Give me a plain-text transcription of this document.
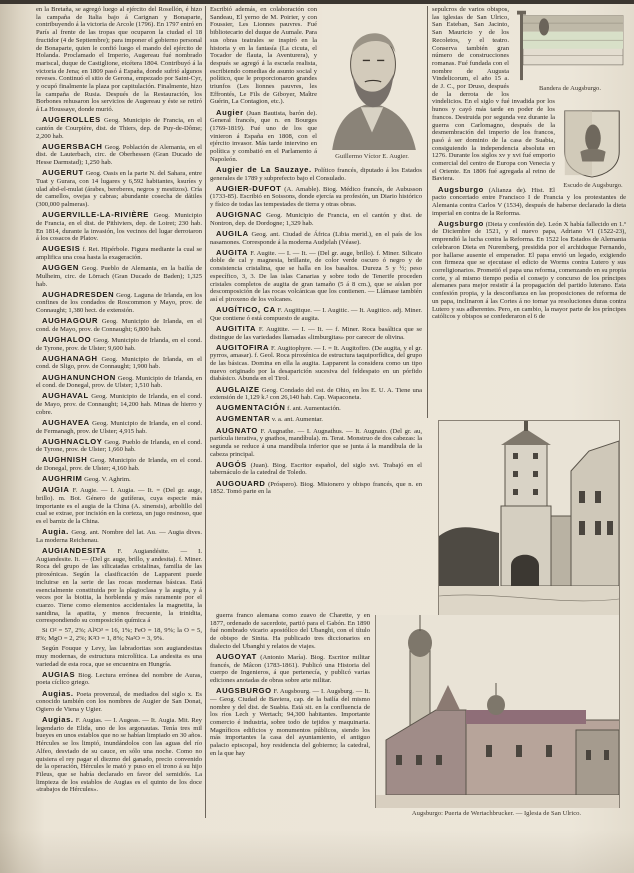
en la Bretaña, se agregó luego al ejército del Rosellón, é hizo la campaña de Italia bajo á Carignan y Bonaparte, contribuyendo á la victoria de Arcole (1796). En 1797 entró en París al frente de las tropas que ocuparon la ciudad el 18 fructidor (4 de Septiembre); para imponer el gobierno personal de Bonaparte, quien le confió luego el mando del ejército de Holanda. Proclamado el Imperio, Augereau fué nombrado mariscal, duque de Castiglione, etcétera 1804. Contribuyó á la victoria de Jena; en 1809 pasó á España, donde sufrió algunos reveses. Continuó el sitio de Gerona, empezado por Saint-Cyr, y ocupó finalmente la plaza por capitulación. Finalmente, hizo la campaña de Rusia. Después de la Restauración, los Borbones rehusaron los servicios de Augereau y éste se retiró á La Houssaye, donde murió.

AUGEROLLES Geog. Municipio de Francia, en el cantón de Courpière, dist. de Thiers, dep. de Puy-de-Dôme; 2,200 hab.

AUGERSBACH Geog. Población de Alemania, en el dist. de Lauterbach, circ. de Oberhessen (Gran Ducado de Hesse Darmstad); 1,250 hab.

AUGERUT Geog. Oasis en la parte N. del Sahara, entre Tuat y Gurara, con 14 lugares y 6,592 habitantes, ksuríes y ulad abd-el-mulat (árabes, bereberes, negros y mestizos). Cría de camellos, ovejas y cabras; abundante cosecha de dátiles (300,000 palmeras).

AUGERVILLE-LA-RIVIÈRE Geog. Municipio de Francia, en el dist. de Pithiviers, dep. de Loiret; 230 hab. En 1814, durante la invasión, los vecinos del lugar derrotaron á los cosacos de Platov.

AUGESIS f. Ret. Hipérbole. Figura mediante la cual se amplifica una cosa hasta la exageración.

AUGGEN Geog. Pueblo de Alemania, en la bailía de Mulheim, circ. de Lörrach (Gran Ducado de Baden); 1,325 hab.

AUGHADRESDEN Geog. Laguna de Irlanda, en los confines de los condados de Roscommon y Mayo, prov. de Connaught; 1,380 hect. de extensión.

AUGHAGOUR Geog. Municipio de Irlanda, en el cond. de Mayo, prov. de Connaught; 6,800 hab.

AUGHALOO Geog. Municipio de Irlanda, en el cond. de Tyrone, prov. de Ulster; 9,600 hab.

AUGHANAGH Geog. Municipio de Irlanda, en el cond. de Sligo, prov. de Connaught; 1,900 hab.

AUGHANUNCHON Geog. Municipio de Irlanda, en el cond. de Donegal, prov. de Ulster; 1,510 hab.

AUGHAVAL Geog. Municipio de Irlanda, en el cond. de Mayo, prov. de Connaught; 14,200 hab. Minas de hierro y cobre.

AUGHAVEA Geog. Municipio de Irlanda, en el cond. de Fermanagh, prov. de Ulster; 4,915 hab.

AUGHNACLOY Geog. Pueblo de Irlanda, en el cond. de Tyrone, prov. de Ulster; 1,660 hab.

AUGHNISH Geog. Municipio de Irlanda, en el cond. de Donegal, prov. de Ulster; 4,160 hab.

AUGHRIM Geog. V. Aghrim.

AUGIA F. Augie. — I. Augia. — It. = (Del gr. auge, brillo). m. Bot. Género de gutíferas, cuya especie más importante es el augia de la China (A. sinensis), arbolillo del cual se extrae, por incisión en la corteza, un jugo resinoso, que es el barniz de la China.

Augia. Geog. ant. Nombre del lat. Au. — Augia dives. La moderna Reichenau.

AUGIANDESITA F. Augiandésite. — I. Augiandesite. It. — (Del gr. auge, brillo, y andesita). f. Miner. Roca del grupo de las silicatadas cristalinas, familia de las piroxénicas. Según la clasificación de Lapparent puede incluirse en la serie de las rocas modernas básicas. Está esencialmente constituida por la plagioclasa y la augita, y á veces por la biotita, la horblenda y más raramente por el cuarzo. Tiene como elementos accidentales la magnetita, la sanidina, la apatita, y menos frecuente, la trinidita, correspondiendo su composición química á

Si O² = 57, 2%; Al²O³ = 16, 1%; FeO = 18, 9%; la O = 5, 8%; MgO = 2, 2%; K²O = 1, 8%; Na²O = 3, 9%.

Según Fouque y Levy, las labradoritas son augiandesitas muy modernas, de estructura microlítica. La andesita es una variedad de esta roca, que se encuentra en Hungría.

AUGIAS Biog. Lectura errónea del nombre de Auras, poeta cíclico griego.

Augias. Poeta provenzal, de mediados del siglo x. Es conocido también con los nombres de Augier de San Donat, Ogiero de Viena y Ugier.

Augias. F. Augias. — I. Augeas. — It. Augia. Mit. Rey legendario de Elida, uno de los argonautas. Tenía tres mil bueyes en unos establos que no se habían limpiado en 30 años. Hércules se los limpió, inundándolos con las aguas del río Alfeo, desviado de su cauce, en sólo una noche. Como no quisiera el rey pagar el diezmo del ganado, precio convenido de la operación, Hércules le mató y puso en el trono á su hijo Fileus, que se había declarado en favor del semidiós. La limpieza de los establos de Augias es el quinto de los doce «trabajos de Hércules».

Guillermo Víctor E. Augier.

Escribió además, en colaboración con Sandeau, El yerno de M. Poirier, y con Foussier, Les Lionnes pauvres. Fué bibliotecario del duque de Aumale. Para sus obras teatrales se inspiró en la historia y en la fantasía (La cicuta, el Tocador de flauta, la Aventurera), y después se agregó á la escuela realista, escribiendo comedias de asunto social y político, que le proporcionaron grandes triunfos (Les lionnes pauvres, les Effrontés, Le Fils de Giboyer, Maître Guérin, La Contagion, etc.).

Augier (Juan Bautista, barón de). General francés, que n. en Bourges (1769-1819). Fué uno de los que vinieron á España en 1808, con el ejército invasor. Más tarde intervino en política y combatió en el Parlamento á Napoleón.

Augier de La Sauzaye. Político francés, diputado á los Estados generales de 1789 y subprefecto bajo el Consulado.

AUGIER-DUFOT (A. Amable). Biog. Médico francés, de Aubusson (1733-85). Escribió en Soissons, donde ejercía su profesión, un Diario histórico y físico de todas las tempestades de tierra y otras obras.

AUGIGNAC Geog. Municipio de Francia, en el cantón y dist. de Nontron, dep. de Dordogne; 1,329 hab.

AUGILA Geog. ant. Ciudad de África (Libia merid.), en el país de los nasamones. Corresponde á la moderna Audjelah (Véase).

AUGITA F. Augite. — I. — It. — (Del gr. auge, brillo). f. Miner. Silicato doble de cal y magnesia, brillante, de color verde oscuro ó negro y de consistencia cristalina, que se halla en los basaltos. Dureza 5 y ½; peso específico, 3, 3. De las islas Canarias y sobre todo de Tenerife proceden cristales completos de augita de gran tamaño (5 á 8 cm.), que se aíslan por descomposición de las rocas volcánicas que los contienen. — Llámase también así el piroxeno de los volcanes.

AUGÍTICO, CA F. Augitique. — I. Augitic. — It. Augitico. adj. Miner. Que contiene ó está compuesto de augita.

AUGITITA F. Augitite. — I. — It. — f. Miner. Roca basáltica que se distingue de las variedades llamadas «limburgitas» por carecer de olivina.

AUGITOFIRA F. Augitophyre. — I. = It. Augitofiro. (De augita, y el gr. pyrros, amasar). f. Geol. Roca piroxénica de estructura taquiporfídica, del grupo de las básicas. Domina en ella la augita. Lapparent la considera como un tipo nuevo originado por la desaparición sucesiva del feldespato en un pórfido diabásico. Abunda en el Tirol.

AUGLAIZE Geog. Condado del est. de Ohio, en los E. U. A. Tiene una extensión de 1,129 k.² con 26,140 hab. Cap. Wapaconeta.

AUGMENTACIÓN f. ant. Aumentación.

AUGMENTAR v. a. ant. Aumentar.

AUGNATO F. Augnathe. — I. Augnathus. — It. Augnato. (Del gr. au, partícula iterativa, y gnathos, mandíbula). m. Terat. Monstruo de dos cabezas: la segunda se reduce á una mandíbula inferior que se junta á la mandíbula de la cabeza principal.

AUGÓS (Juan). Biog. Escritor español, del siglo xvi. Trabajó en el tabernáculo de la catedral de Toledo.

AUGOUARD (Próspero). Biog. Misionero y obispo francés, que n. en 1852. Tomó parte en la

guerra franco alemana como zuavo de Charette, y en 1877, ordenado de sacerdote, partió para el Gabón. En 1890 fué nombrado vicario apostólico del Ubanghi, con el título de obispo de Sinita. Ha publicado tres diccionarios en dialecto del Ubanghi y relatos de viajes.

AUGOYAT (Antonio María). Biog. Escritor militar francés, de Mâcon (1783-1861). Publicó una Historia del cuerpo de Ingenieros, á que pertenecía, y publicó varias ediciones anotadas de obras sobre arte militar.

AUGSBURGO F. Augsbourg. — I. Augsburg. — It. — Geog. Ciudad de Baviera, cap. de la bailía del mismo nombre y del dist. de Suabia. Está sit. en la confluencia de los ríos Lech y Wertach; 94,300 habitantes. Importante comercio é industria, sobre todo de tejidos y maquinaria. Magníficos edificios y monumentos públicos, siendo los más importantes la casa del ayuntamiento, el antiguo palacio episcopal, hoy residencia del gobierno; la catedral, en la que hay

Bandera de Augsburgo.
Escudo de Augsburgo.

sepulcros de varios obispos, las iglesias de San Ulrico, San Esteban, San Jacinto, San Mauricio y de los Recoletos, y el teatro. Conserva también gran número de construcciones romanas. Fué fundada con el nombre de Augusta Vindelicorum, el año 15 a. de J. C., por Druso, después de la derrota de los vindelicios. En el siglo v fué invadida por los hunos y cayó más tarde en poder de los francos. Destruida por segunda vez durante la guerra con Carlomagno, después de la desmembración del imperio de los francos, pasó á ser dominio de la casa de Suabia, consiguiendo la independencia absoluta en 1276. Durante los siglos xv y xvi fué emporio comercial del centro de Europa con Venecia y el Oriente. En 1806 fué agregada al reino de Baviera.

Augsburgo (Alianza de). Hist. El pacto concertado entre Francisco I de Francia y los protestantes de Alemania contra Carlos V (1534), después de haberse declarado la dieta imperial en contra de la Reforma.

Augsburgo (Dieta y confesión de). León X había fallecido en 1.º de Diciembre de 1521, y el nuevo papa, Adriano VI (1522-23), emprendió la lucha contra la Reforma. En 1522 los Estados de Alemania celebraron Dieta en Nuremberg, presidida por el archiduque Fernando, por hallarse ausente el emperador. El papa envió un legado, exigiendo con firmeza que se ejecutase el edicto de Worms contra Lutero y sus correligionarios. Prometió el papa una reforma, comenzando en su propia corte, y al mismo tiempo pedía el consejo y concurso de los príncipes alemanes para mejor resistir á la propagación del partido luterano. Esta confesión propia, y la desconfianza en las proposiciones de reforma de un papa, inclinaron á las Cortes á no tomar ya resoluciones duras contra Lutero y sus adherentes. Pero, en cambio, la mayor parte de los príncipes católicos y obispos se confederaron el 6 de

Augsburgo: Puerta de Wertachbrucker. — Iglesia de San Ulrico.
